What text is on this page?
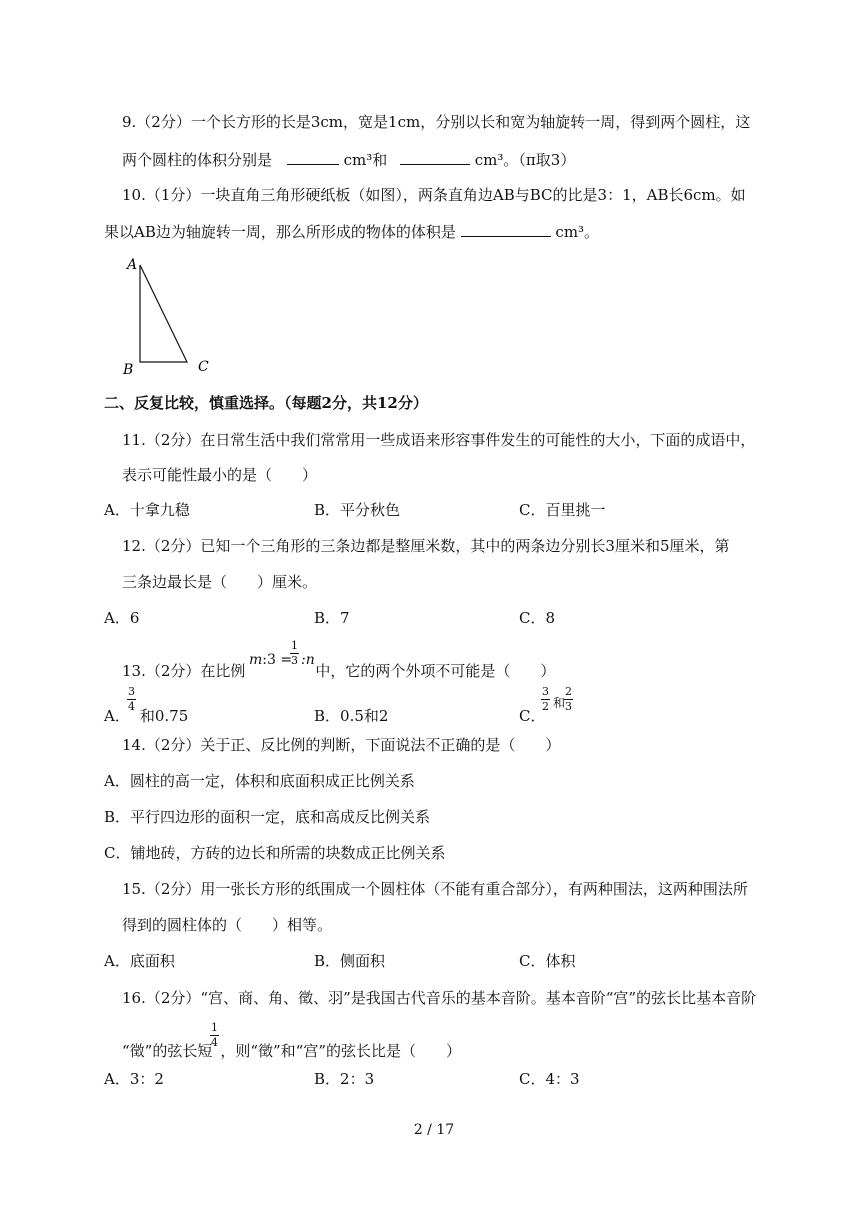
9.（2分）一个长方形的长是3cm，宽是1cm，分别以长和宽为轴旋转一周，得到两个圆柱，这
两个圆柱的体积分别是	cm³和	cm³。（π取3）
10.（1分）一块直角三角形硬纸板（如图），两条直角边AB与BC的比是3：1，AB长6cm。如
果以AB边为轴旋转一周，那么所形成的物体的体积是	cm³。
A
B	C
二、反复比较，慎重选择。（每题2分，共12分）
11.（2分）在日常生活中我们常常用一些成语来形容事件发生的可能性的大小，下面的成语中，
表示可能性最小的是（　　）
A．十拿九稳	B．平分秋色	C．百里挑一
12.（2分）已知一个三角形的三条边都是整厘米数，其中的两条边分别长3厘米和5厘米，第
三条边最长是（　　）厘米。
A．6	B．7	C．8
13.（2分）在比例	中，它的两个外项不可能是（　　）
m:3 =
1
3 :n
A． 和0.75
3
4
B．0.5和2	C．
3
2 和
2
3
14.（2分）关于正、反比例的判断，下面说法不正确的是（　　）
A．圆柱的高一定，体积和底面积成正比例关系
B．平行四边形的面积一定，底和高成反比例关系
C．铺地砖，方砖的边长和所需的块数成正比例关系
15.（2分）用一张长方形的纸围成一个圆柱体（不能有重合部分），有两种围法，这两种围法所
得到的圆柱体的（　　）相等。
A．底面积	B．侧面积	C．体积
16.（2分）“宫、商、角、徵、羽”是我国古代音乐的基本音阶。基本音阶“宫”的弦长比基本音阶
“徵”的弦长短 ，则“徵”和“宫”的弦长比是（　　）
1
4
A．3：2	B．2：3	C．4：3
2 / 17
